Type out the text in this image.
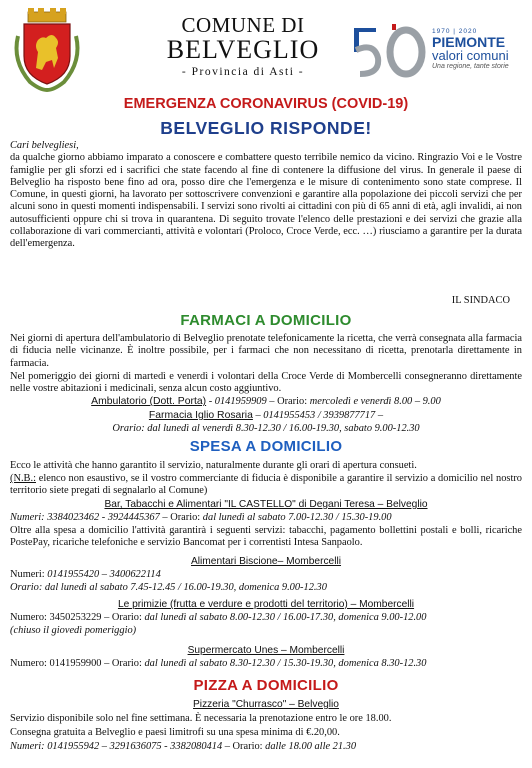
COMUNE DI
BELVEGLIO
- Provincia di Asti -
1970 | 2020
PIEMONTE
valori comuni
Una regione, tante storie
EMERGENZA CORONAVIRUS (COVID-19)
BELVEGLIO RISPONDE!
Cari belvegliesi,
da qualche giorno abbiamo imparato a conoscere e combattere questo terribile nemico da vicino. Ringrazio Voi e le Vostre famiglie per gli sforzi ed i sacrifici che state facendo al fine di contenere la diffusione del virus. In generale il paese di Belveglio ha risposto bene fino ad ora, posso dire che l'emergenza e le misure di contenimento sono state comprese. Il Comune, in questi giorni, ha lavorato per sottoscrivere convenzioni e garantire alla popolazione dei piccoli servizi che per alcuni sono in questi momenti indispensabili. I servizi sono rivolti ai cittadini con più di 65 anni di età, agli invalidi, ai non autosufficienti oppure chi si trova in quarantena. Di seguito trovate l'elenco delle prestazioni e dei servizi che grazie alla collaborazione di vari commercianti, attività e volontari (Proloco, Croce Verde, ecc. …) riusciamo a garantire per la durata dell'emergenza.
IL SINDACO
FARMACI A DOMICILIO
Nei giorni di apertura dell'ambulatorio di Belveglio prenotate telefonicamente la ricetta, che verrà consegnata alla farmacia di fiducia nelle vicinanze. È inoltre possibile, per i farmaci che non necessitano di ricetta, prenotarla direttamente in farmacia.
Nel pomeriggio dei giorni di martedì e venerdì i volontari della Croce Verde di Mombercelli consegneranno direttamente nelle vostre abitazioni i medicinali, senza alcun costo aggiuntivo.
Ambulatorio (Dott. Porta) - 0141959909 – Orario: mercoledì e venerdì 8.00 – 9.00
Farmacia Iglio Rosaria – 0141955453 / 3939877717 –
Orario: dal lunedì al venerdì 8.30-12.30 / 16.00-19.30, sabato 9.00-12.30
SPESA A DOMICILIO
Ecco le attività che hanno garantito il servizio, naturalmente durante gli orari di apertura consueti.
(N.B.: elenco non esaustivo, se il vostro commerciante di fiducia è disponibile a garantire il servizio a domicilio nel nostro territorio siete pregati di segnalarlo al Comune)
Bar, Tabacchi e Alimentari "IL CASTELLO" di Degani Teresa – Belveglio
Numeri: 3384023462 - 3924445367 – Orario: dal lunedì al sabato 7.00-12.30 / 15.30-19.00
Oltre alla spesa a domicilio l'attività garantirà i seguenti servizi: tabacchi, pagamento bollettini postali e bolli, ricariche PostePay, ricariche telefoniche e servizio Bancomat per i correntisti Intesa Sanpaolo.
Alimentari Biscione– Mombercelli
Numeri: 0141955420 – 3400622114
Orario: dal lunedì al sabato 7.45-12.45 / 16.00-19.30, domenica 9.00-12.30
Le primizie (frutta e verdure e prodotti del territorio) – Mombercelli
Numero: 3450253229 – Orario: dal lunedì al sabato 8.00-12.30 / 16.00-17.30, domenica 9.00-12.00
(chiuso il giovedì pomeriggio)
Supermercato Unes – Mombercelli
Numero: 0141959900 – Orario: dal lunedì al sabato 8.30-12.30 / 15.30-19.30, domenica 8.30-12.30
PIZZA A DOMICILIO
Pizzeria "Churrasco" – Belveglio
Servizio disponibile solo nel fine settimana. È necessaria la prenotazione entro le ore 18.00.
Consegna gratuita a Belveglio e paesi limitrofi su una spesa minima di €.20,00.
Numeri: 0141955942 – 3291636075 - 3382080414 – Orario: dalle 18.00 alle 21.30
